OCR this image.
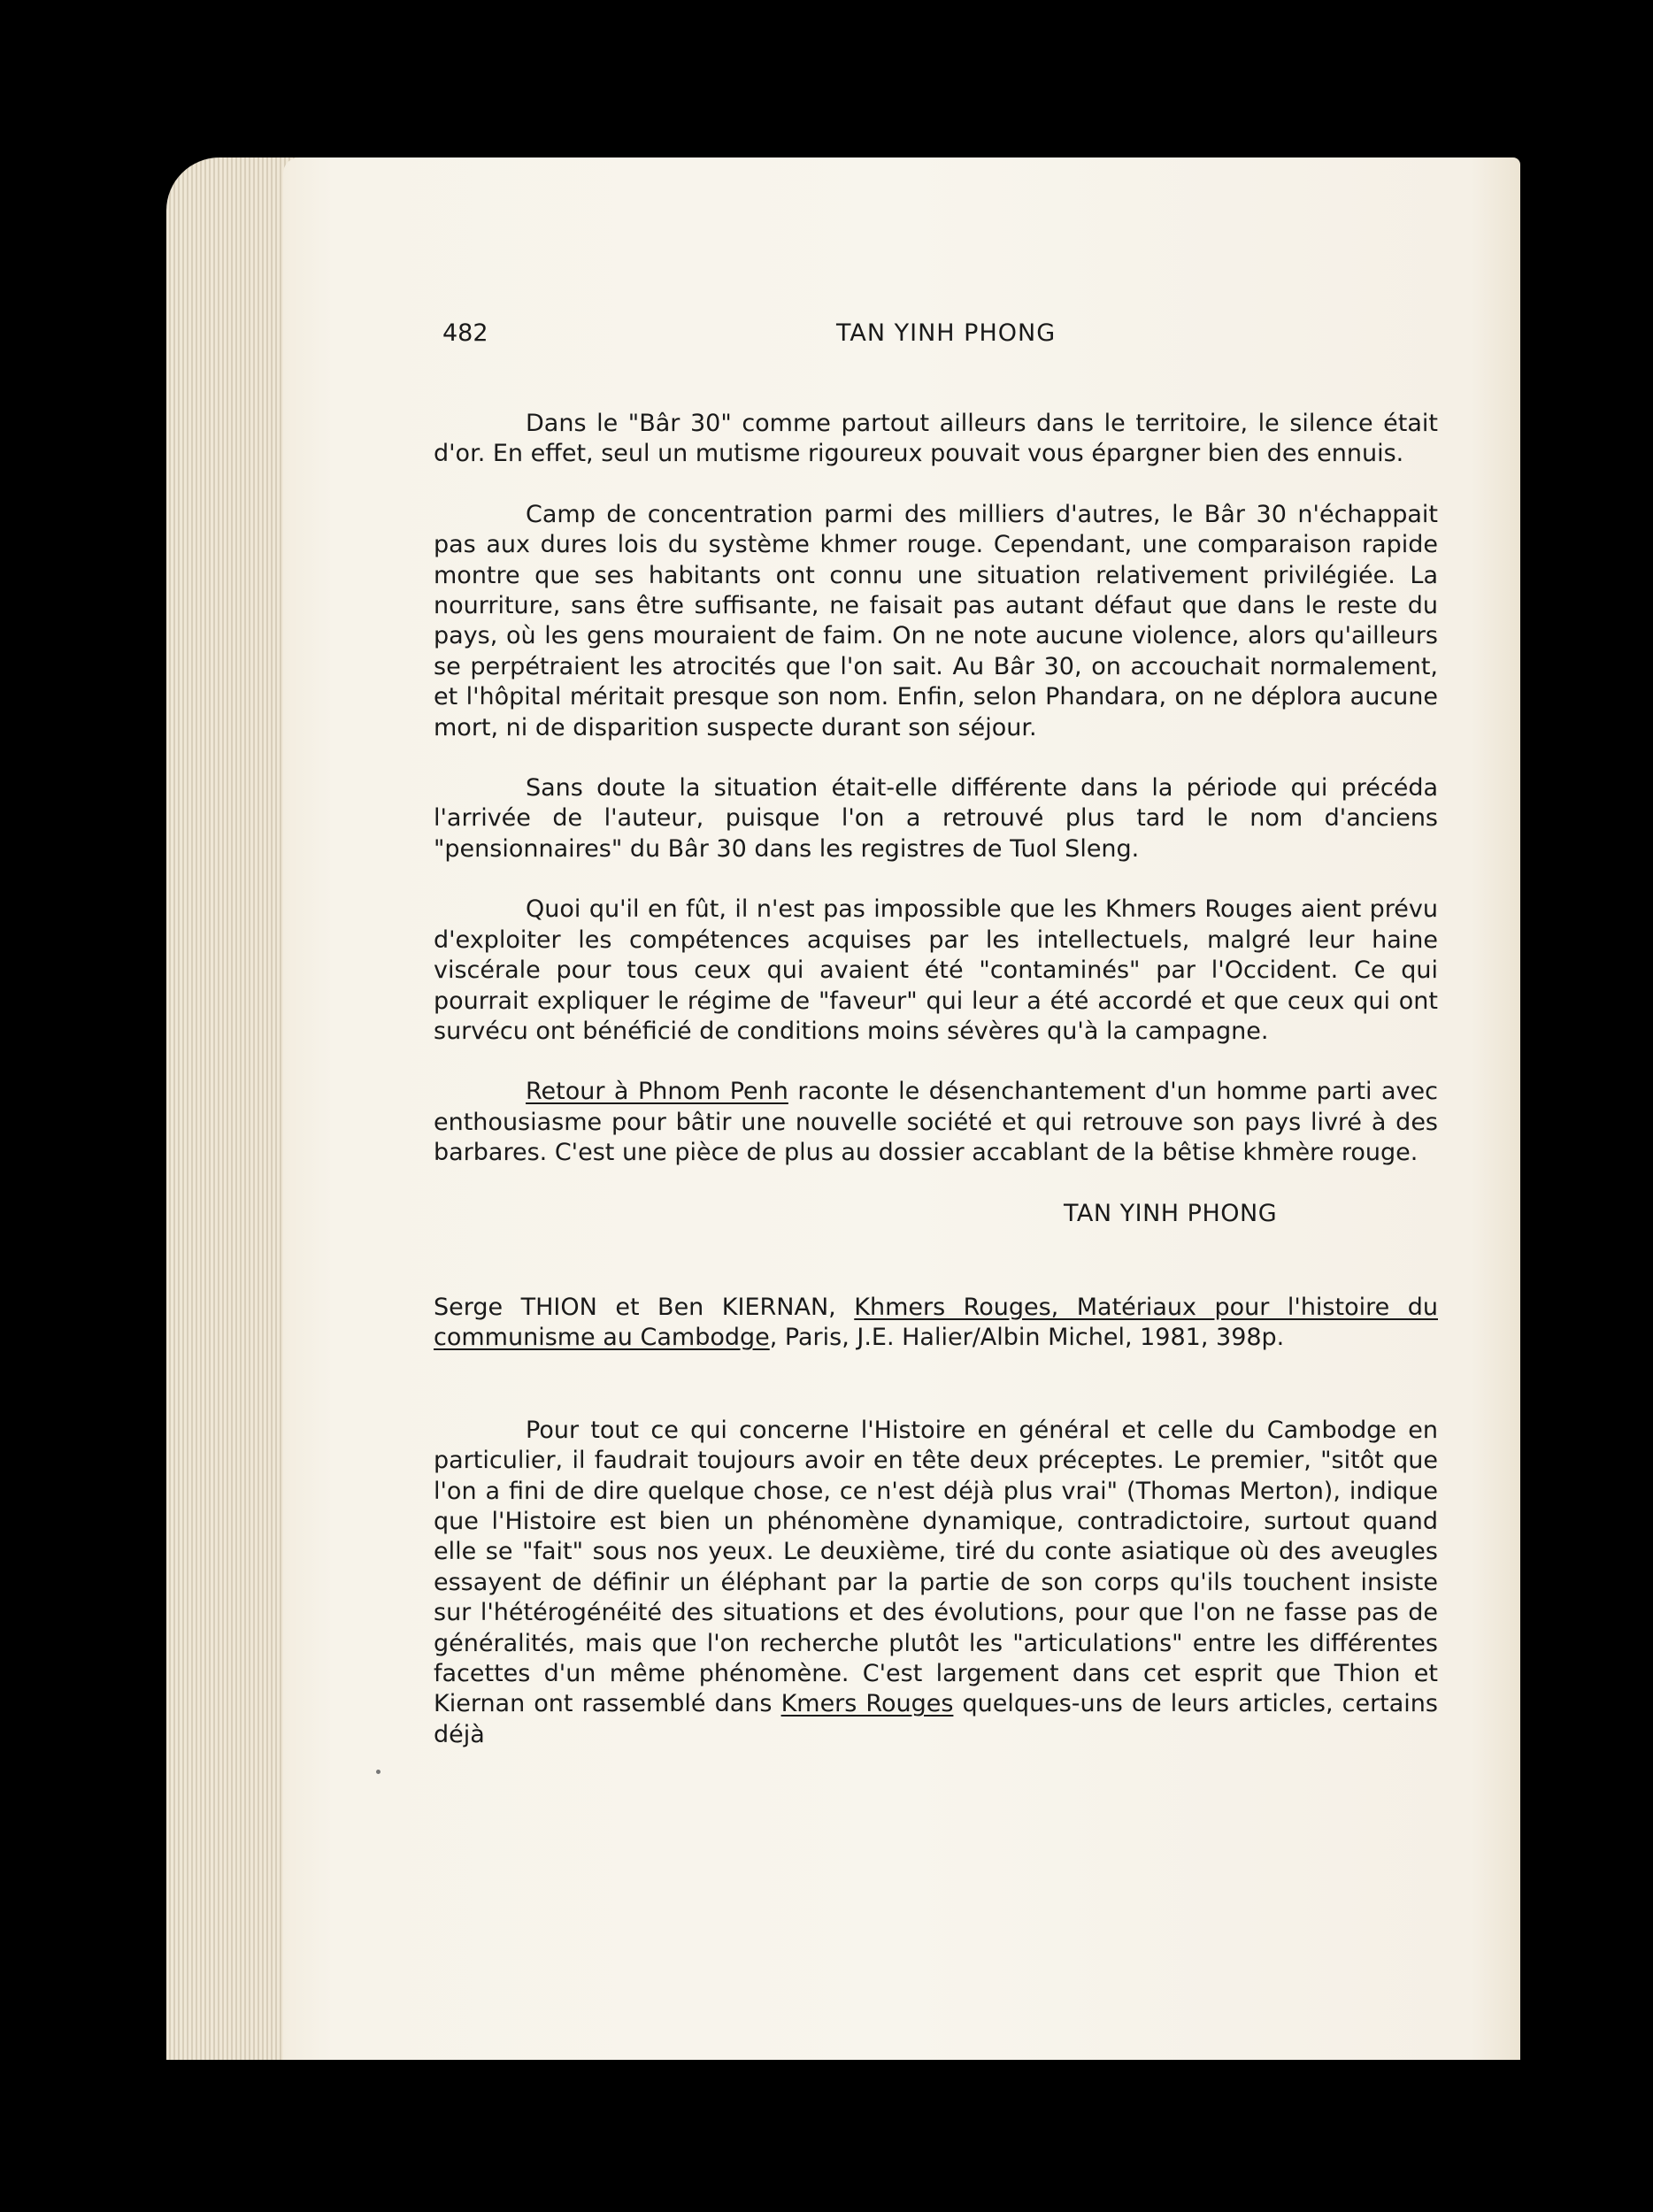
482	TAN YINH PHONG

Dans le "Bâr 30" comme partout ailleurs dans le territoire, le silence était d'or. En effet, seul un mutisme rigoureux pouvait vous épargner bien des ennuis.

Camp de concentration parmi des milliers d'autres, le Bâr 30 n'échappait pas aux dures lois du système khmer rouge. Cependant, une comparaison rapide montre que ses habitants ont connu une situation relativement privilégiée. La nourriture, sans être suffisante, ne faisait pas autant défaut que dans le reste du pays, où les gens mouraient de faim. On ne note aucune violence, alors qu'ailleurs se perpétraient les atrocités que l'on sait. Au Bâr 30, on accouchait normalement, et l'hôpital méritait presque son nom. Enfin, selon Phandara, on ne déplora aucune mort, ni de disparition suspecte durant son séjour.

Sans doute la situation était-elle différente dans la période qui précéda l'arrivée de l'auteur, puisque l'on a retrouvé plus tard le nom d'anciens "pensionnaires" du Bâr 30 dans les registres de Tuol Sleng.

Quoi qu'il en fût, il n'est pas impossible que les Khmers Rouges aient prévu d'exploiter les compétences acquises par les intellectuels, malgré leur haine viscérale pour tous ceux qui avaient été "contaminés" par l'Occident. Ce qui pourrait expliquer le régime de "faveur" qui leur a été accordé et que ceux qui ont survécu ont bénéficié de conditions moins sévères qu'à la campagne.

Retour à Phnom Penh raconte le désenchantement d'un homme parti avec enthousiasme pour bâtir une nouvelle société et qui retrouve son pays livré à des barbares. C'est une pièce de plus au dossier accablant de la bêtise khmère rouge.

TAN YINH PHONG
Serge THION et Ben KIERNAN, Khmers Rouges, Matériaux pour l'histoire du communisme au Cambodge, Paris, J.E. Halier/Albin Michel, 1981, 398p.

Pour tout ce qui concerne l'Histoire en général et celle du Cambodge en particulier, il faudrait toujours avoir en tête deux préceptes. Le premier, "sitôt que l'on a fini de dire quelque chose, ce n'est déjà plus vrai" (Thomas Merton), indique que l'Histoire est bien un phénomène dynamique, contradictoire, surtout quand elle se "fait" sous nos yeux. Le deuxième, tiré du conte asiatique où des aveugles essayent de définir un éléphant par la partie de son corps qu'ils touchent insiste sur l'hétérogénéité des situations et des évolutions, pour que l'on ne fasse pas de généralités, mais que l'on recherche plutôt les "articulations" entre les différentes facettes d'un même phénomène. C'est largement dans cet esprit que Thion et Kiernan ont rassemblé dans Kmers Rouges quelques-uns de leurs articles, certains déjà
